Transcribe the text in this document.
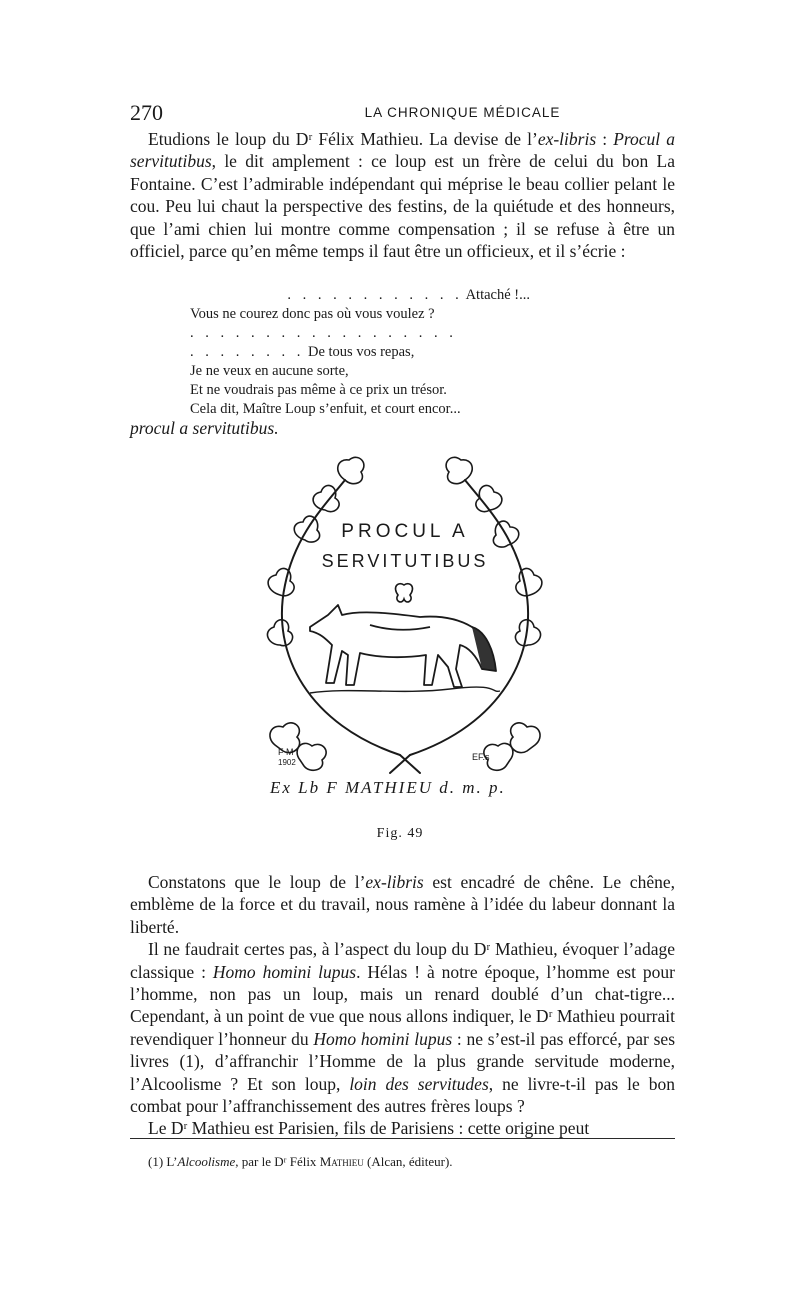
270	LA CHRONIQUE MÉDICALE

Etudions le loup du Dʳ Félix Mathieu. La devise de l’ex-libris : Procul a servitutibus, le dit amplement : ce loup est un frère de celui du bon La Fontaine. C’est l’admirable indépendant qui méprise le beau collier pelant le cou. Peu lui chaut la perspective des festins, de la quiétude et des honneurs, que l’ami chien lui montre comme compensation ; il se refuse à être un officiel, parce qu’en même temps il faut être un officieux, et il s’écrie :

. . . . . . . . . . . . Attaché !...
Vous ne courez donc pas où vous voulez ?
. . . . . . . . . . . . . . . . . .
. . . . . . . . De tous vos repas,
Je ne veux en aucune sorte,
Et ne voudrais pas même à ce prix un trésor.
Cela dit, Maître Loup s’enfuit, et court encor...
procul a servitutibus.
PROCUL A
SERVITUTIBUS
F M
1902
EF.s
Ex Lb F MATHIEU d. m. p.
Fig. 49

Constatons que le loup de l’ex-libris est encadré de chêne. Le chêne, emblème de la force et du travail, nous ramène à l’idée du labeur donnant la liberté.

Il ne faudrait certes pas, à l’aspect du loup du Dʳ Mathieu, évoquer l’adage classique : Homo homini lupus. Hélas ! à notre époque, l’homme est pour l’homme, non pas un loup, mais un renard doublé d’un chat-tigre... Cependant, à un point de vue que nous allons indiquer, le Dʳ Mathieu pourrait revendiquer l’honneur du Homo homini lupus : ne s’est-il pas efforcé, par ses livres (1), d’affranchir l’Homme de la plus grande servitude moderne, l’Alcoolisme ? Et son loup, loin des servitudes, ne livre-t-il pas le bon combat pour l’affranchissement des autres frères loups ?

Le Dʳ Mathieu est Parisien, fils de Parisiens : cette origine peut

(1) L’Alcoolisme, par le Dʳ Félix Mathieu (Alcan, éditeur).
